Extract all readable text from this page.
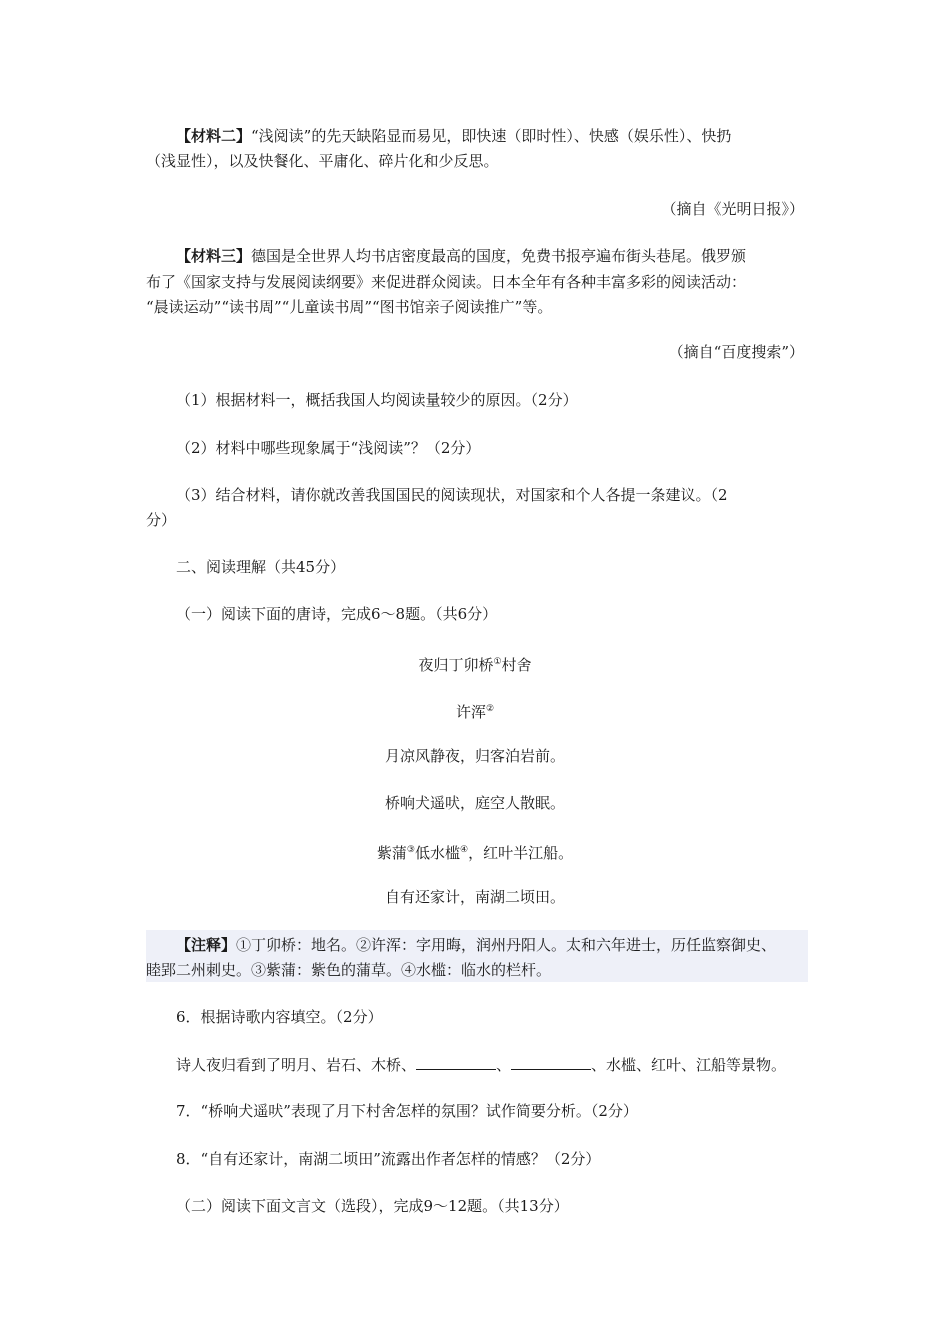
【材料二】“浅阅读”的先天缺陷显而易见，即快速（即时性）、快感（娱乐性）、快扔
（浅显性），以及快餐化、平庸化、碎片化和少反思。
（摘自《光明日报》）
【材料三】德国是全世界人均书店密度最高的国度，免费书报亭遍布街头巷尾。俄罗颁
布了《国家支持与发展阅读纲要》来促进群众阅读。日本全年有各种丰富多彩的阅读活动：
“晨读运动”“读书周”“儿童读书周”“图书馆亲子阅读推广”等。
（摘自“百度搜索”）
（1）根据材料一，概括我国人均阅读量较少的原因。（2分）
（2）材料中哪些现象属于“浅阅读”？（2分）
（3）结合材料，请你就改善我国国民的阅读现状，对国家和个人各提一条建议。（2
分）
二、阅读理解（共45分）
（一）阅读下面的唐诗，完成6～8题。（共6分）
夜归丁卯桥①村舍
许浑②
月凉风静夜，归客泊岩前。
桥响犬遥吠，庭空人散眠。
紫蒲③低水槛④，红叶半江船。
自有还家计，南湖二顷田。
【注释】①丁卯桥：地名。②许浑：字用晦，润州丹阳人。太和六年进士，历任监察御史、
睦郢二州刺史。③紫蒲：紫色的蒲草。④水槛：临水的栏杆。
6．根据诗歌内容填空。（2分）
诗人夜归看到了明月、岩石、木桥、	、	、水槛、红叶、江船等景物。
7．“桥响犬遥吠”表现了月下村舍怎样的氛围？试作简要分析。（2分）
8．“自有还家计，南湖二顷田”流露出作者怎样的情感？（2分）
（二）阅读下面文言文（选段），完成9～12题。（共13分）
